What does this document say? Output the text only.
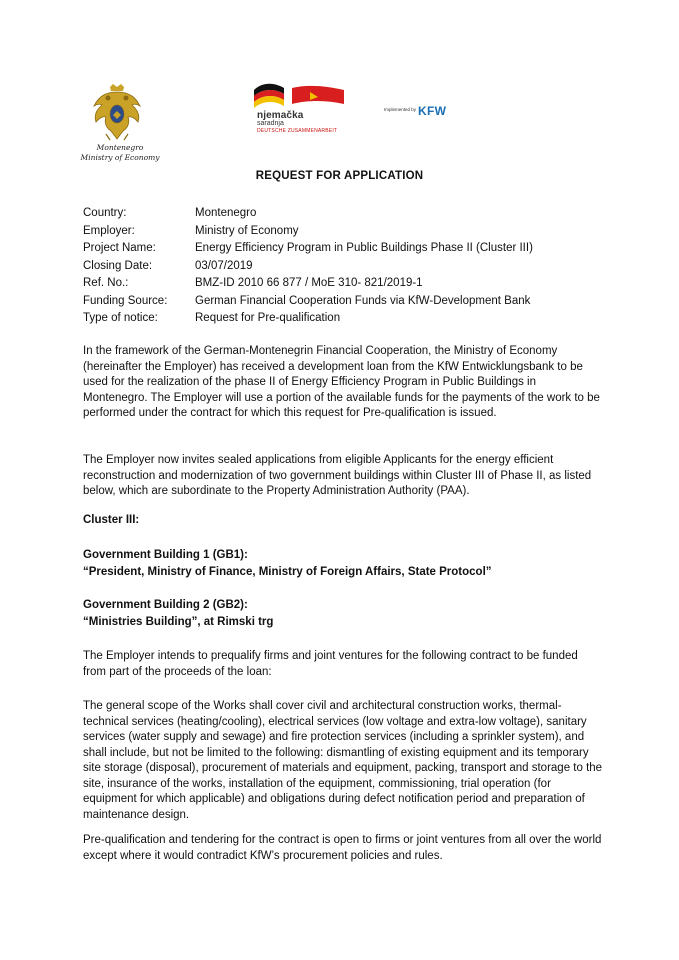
Montenegro
Ministry of Economy
njemačka
saradnja
DEUTSCHE ZUSAMMENARBEIT
Implemented by KFW
REQUEST FOR APPLICATION
Country:	Montenegro
Employer:	Ministry of Economy
Project Name:	Energy Efficiency Program in Public Buildings Phase II (Cluster III)
Closing Date:	03/07/2019
Ref. No.:	BMZ-ID 2010 66 877 / MoE 310- 821/2019-1
Funding Source:	German Financial Cooperation Funds via KfW-Development Bank
Type of notice:	Request for Pre-qualification

In the framework of the German-Montenegrin Financial Cooperation, the Ministry of Economy (hereinafter the Employer) has received a development loan from the KfW Entwicklungsbank to be used for the realization of the phase II of Energy Efficiency Program in Public Buildings in Montenegro. The Employer will use a portion of the available funds for the payments of the work to be performed under the contract for which this request for Pre-qualification is issued.

The Employer now invites sealed applications from eligible Applicants for the energy efficient reconstruction and modernization of two government buildings within Cluster III of Phase II, as listed below, which are subordinate to the Property Administration Authority (PAA).

Cluster III:
Government Building 1 (GB1):
“President, Ministry of Finance, Ministry of Foreign Affairs, State Protocol”
Government Building 2 (GB2):
“Ministries Building”, at Rimski trg

The Employer intends to prequalify firms and joint ventures for the following contract to be funded from part of the proceeds of the loan:

The general scope of the Works shall cover civil and architectural construction works, thermal-technical services (heating/cooling), electrical services (low voltage and extra-low voltage), sanitary services (water supply and sewage) and fire protection services (including a sprinkler system), and shall include, but not be limited to the following: dismantling of existing equipment and its temporary site storage (disposal), procurement of materials and equipment, packing, transport and storage to the site, insurance of the works, installation of the equipment, commissioning, trial operation (for equipment for which applicable) and obligations during defect notification period and preparation of maintenance design.

Pre-qualification and tendering for the contract is open to firms or joint ventures from all over the world except where it would contradict KfW’s procurement policies and rules.
